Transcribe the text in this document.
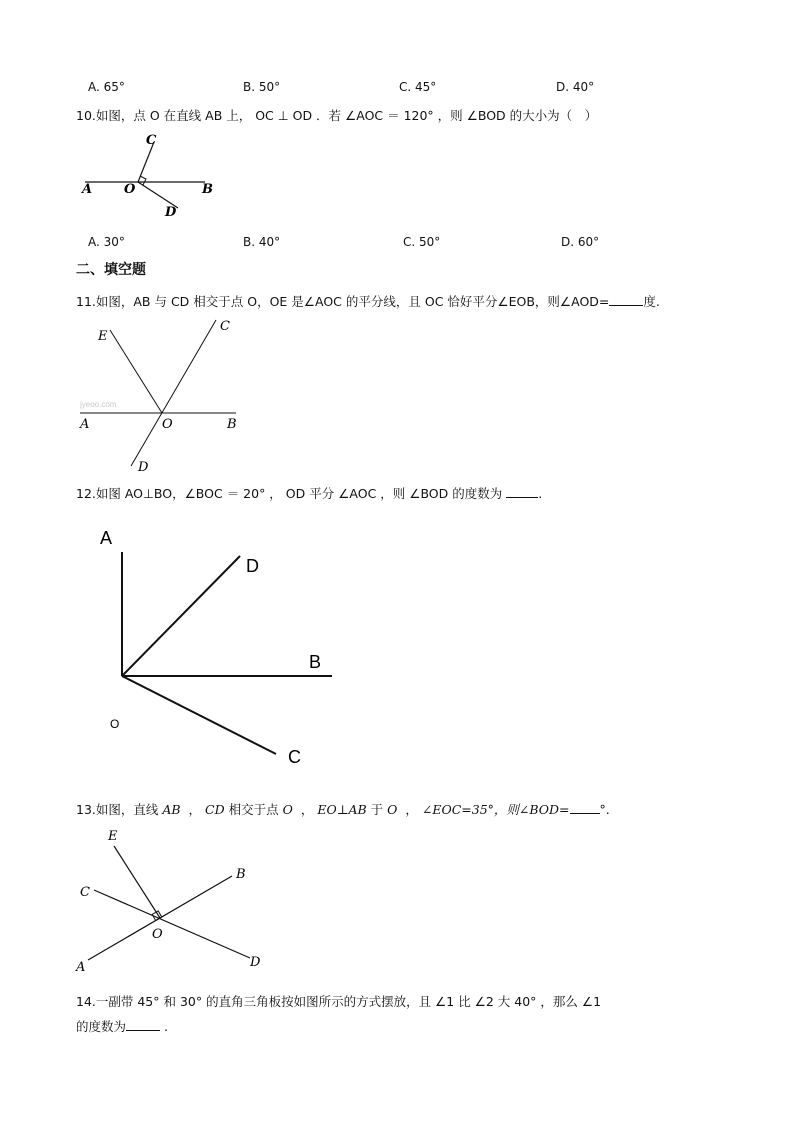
A. 65°	B. 50°	C. 45°	D. 40°
10.如图，点 O 在直线 AB 上， OC ⊥ OD ．若 ∠AOC ＝ 120° ，则 ∠BOD 的大小为（　）
C
A O	B
D
A. 30°	B. 40°	C. 50°	D. 60°
二、填空题
11.如图，AB 与 CD 相交于点 O，OE 是∠AOC 的平分线，且 OC 恰好平分∠EOB，则∠AOD=	度.
jyeoo.com
E
C
A	O	B
D
12.如图 AO⊥BO，∠BOC ＝ 20° ， OD 平分 ∠AOC ，则 ∠BOD 的度数为	.
A
D
B
O
C
13.如图，直线 AB ， CD 相交于点 O ， EO⊥AB 于 O ， ∠EOC=35°，则∠BOD= °.
E
B
C
O
A	D
14.一副带 45° 和 30° 的直角三角板按如图所示的方式摆放，且 ∠1 比 ∠2 大 40° ，那么 ∠1
的度数为	.
